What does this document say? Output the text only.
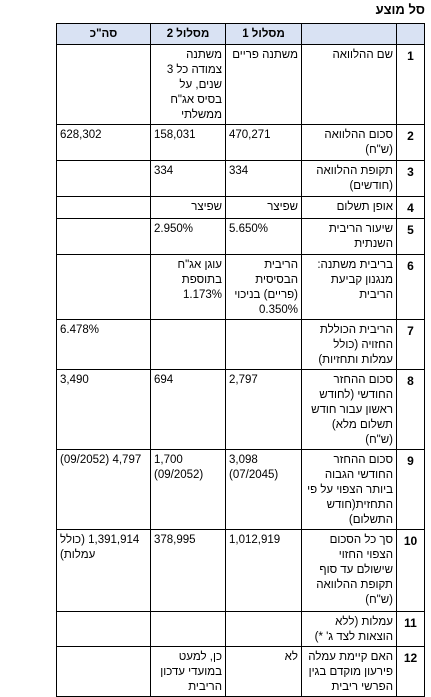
סל מוצע
		מסלול 1	מסלול 2	סה"כ
1	שם ההלוואה	משתנה פריים	משתנה צמודה כל 3 שנים, על בסיס אג"ח ממשלתי	
2	סכום ההלוואה (ש"ח)	470,271	158,031	628,302
3	תקופת ההלוואה (חודשים)	334	334	
4	אופן תשלום	שפיצר	שפיצר	
5	שיעור הריבית השנתית	5.650%	2.950%	
6	בריבית משתנה: מנגנון קביעת הריבית	הריבית הבסיסית (פריים) בניכוי 0.350%	עוגן אג"ח בתוספת 1.173%	
7	הריבית הכוללת החזויה (כולל עמלות ותחזיות)			6.478%
8	סכום ההחזר החודשי (לחודש ראשון עבור חודש תשלום מלא)(ש"ח)	2,797	694	3,490
9	סכום ההחזר החודשי הגבוה ביותר הצפוי על פי התחזית(חודש התשלום)	3,098 (07/2045)	1,700 (09/2052)	4,797 (09/2052)
10	סך כל הסכום הצפוי החזוי שישולם עד סוף תקופת ההלוואה (ש"ח)	1,012,919	378,995	1,391,914 (כולל עמלות)
11	עמלות (ללא הוצאות לצד ג' *)			
12	האם קיימת עמלה פירעון מוקדם בגין הפרשי ריבית	לא	כן, למעט במועדי עדכון הריבית	
